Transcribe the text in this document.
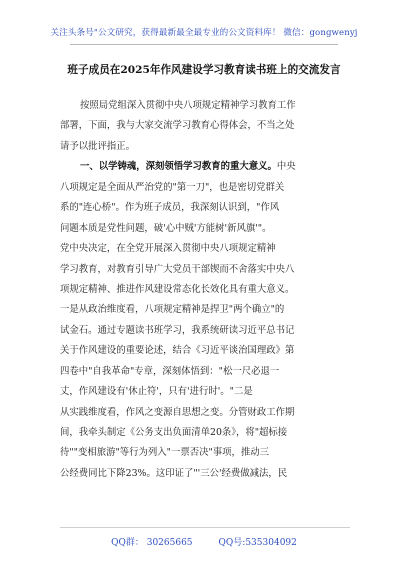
关注头条号"公文研究，获得最新最全最专业的公文资料库！ 微信：gongwenyj
班子成员在2025年作风建设学习教育读书班上的交流发言
按照局党组深入贯彻中央八项规定精神学习教育工作
部署，下面，我与大家交流学习教育心得体会，不当之处
请予以批评指正。
一、以学铸魂，深刻领悟学习教育的重大意义。中央
八项规定是全面从严治党的"第一刀"，也是密切党群关
系的"连心桥"。作为班子成员，我深刻认识到，"作风
问题本质是党性问题，破'心中贼'方能树'新风旗'"。
党中央决定，在全党开展深入贯彻中央八项规定精神
学习教育，对教育引导广大党员干部锲而不舍落实中央八
项规定精神、推进作风建设常态化长效化具有重大意义。
一是从政治维度看，八项规定精神是捍卫"两个确立"的
试金石。通过专题读书班学习，我系统研读习近平总书记
关于作风建设的重要论述，结合《习近平谈治国理政》第
四卷中"自我革命"专章，深刻体悟到："松一尺必退一
丈，作风建设有'休止符'，只有'进行时'。"二是
从实践维度看，作风之变源自思想之变。分管财政工作期
间，我牵头制定《公务支出负面清单20条》，将"超标接
待""变相旅游"等行为列入"一票否决"事项，推动三
公经费同比下降23%。这印证了"'三公'经费做减法，民
QQ群： 30265665	QQ号:535304092
